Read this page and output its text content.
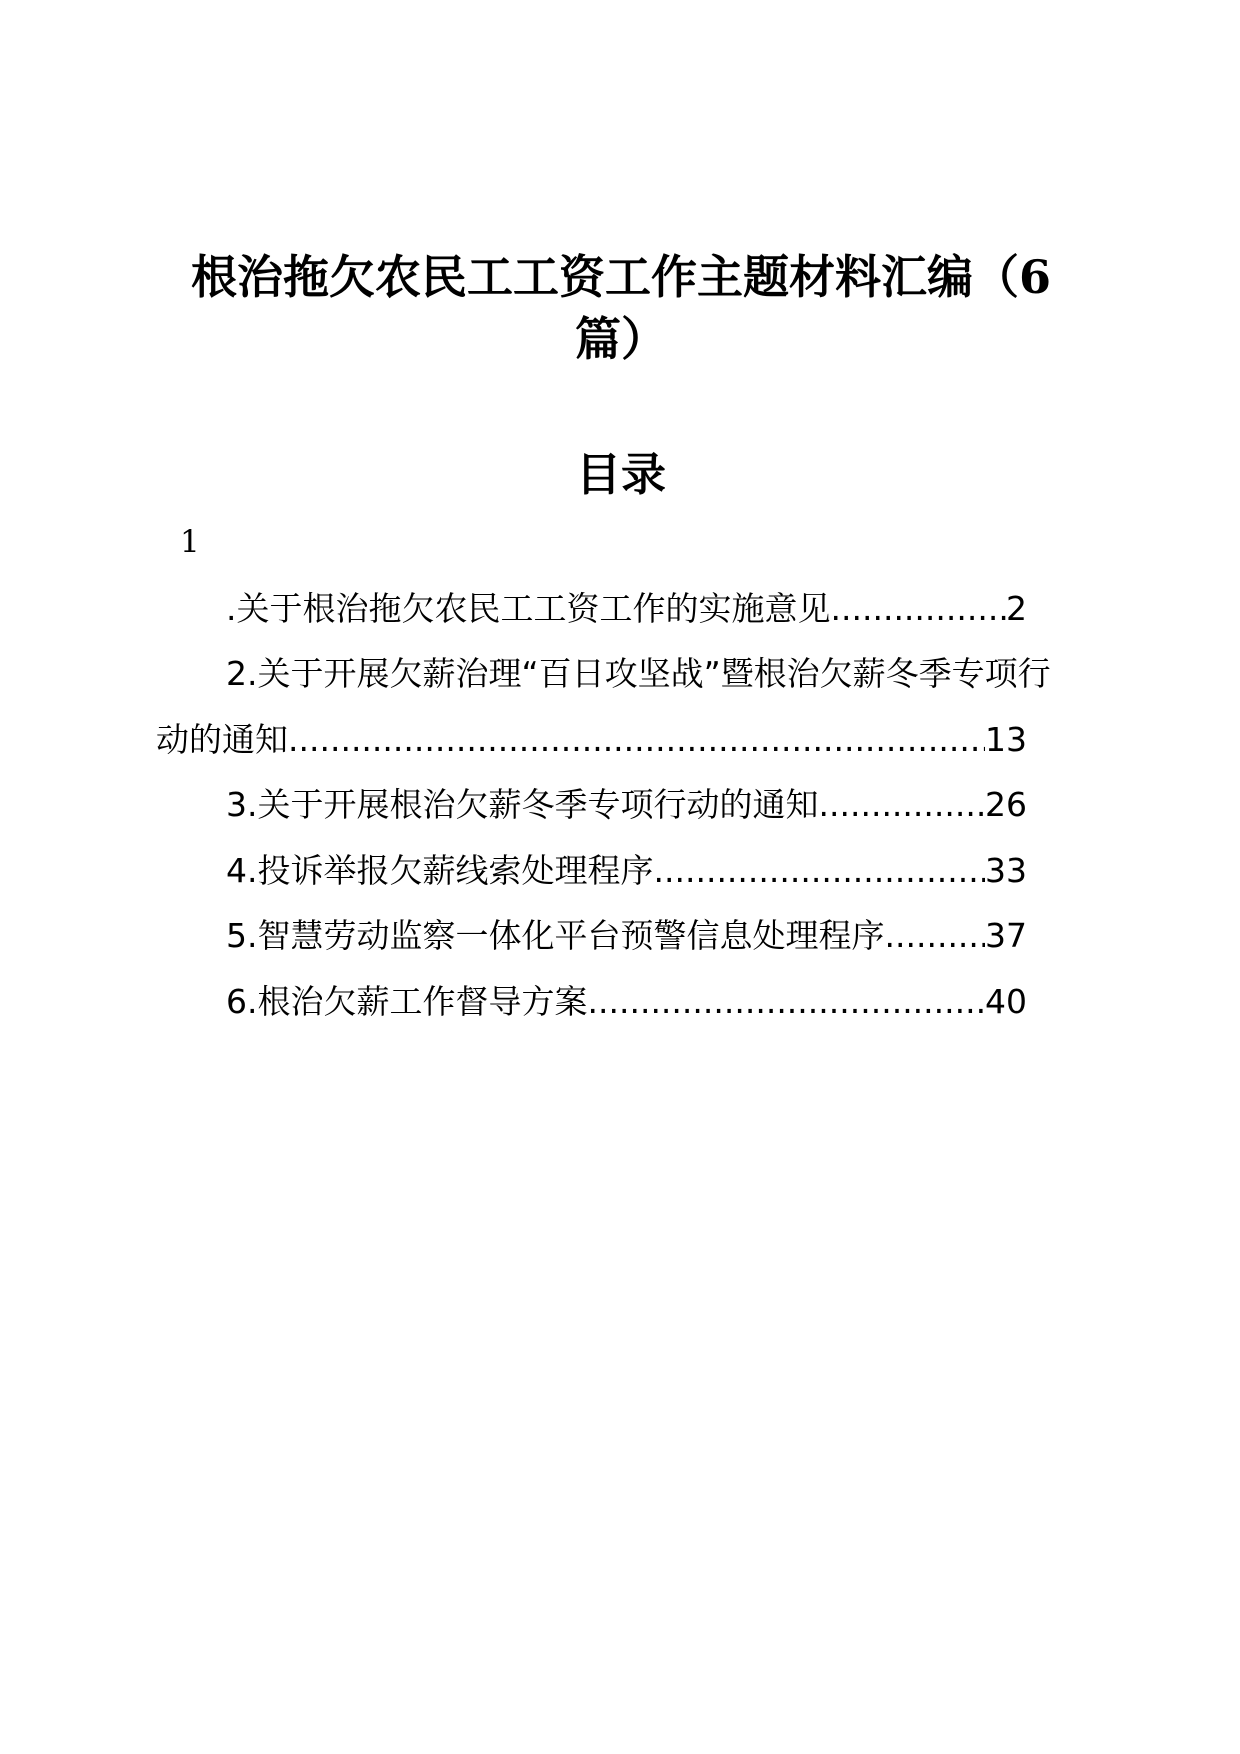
根治拖欠农民工工资工作主题材料汇编（6
篇）
目录
1
.关于根治拖欠农民工工资工作的实施意见 .....	2
2.关于开展欠薪治理“百日攻坚战”暨根治欠薪冬季专项行
动的通知 .....	13
3.关于开展根治欠薪冬季专项行动的通知 .....	26
4.投诉举报欠薪线索处理程序 .....	33
5.智慧劳动监察一体化平台预警信息处理程序 .....	37
6.根治欠薪工作督导方案 .....	40
